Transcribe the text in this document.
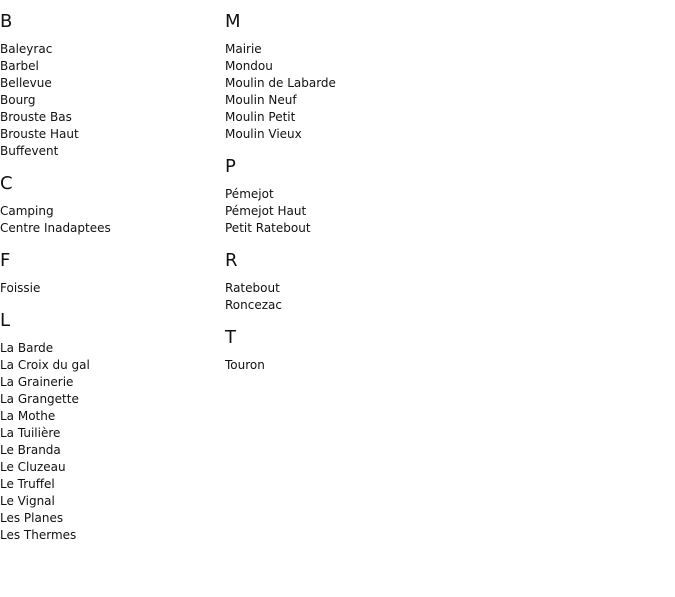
B
Baleyrac
Barbel
Bellevue
Bourg
Brouste Bas
Brouste Haut
Buffevent
C
Camping
Centre Inadaptees
F
Foissie
L
La Barde
La Croix du gal
La Grainerie
La Grangette
La Mothe
La Tuilière
Le Branda
Le Cluzeau
Le Truffel
Le Vignal
Les Planes
Les Thermes
M
Mairie
Mondou
Moulin de Labarde
Moulin Neuf
Moulin Petit
Moulin Vieux
P
Pémejot
Pémejot Haut
Petit Ratebout
R
Ratebout
Roncezac
T
Touron
